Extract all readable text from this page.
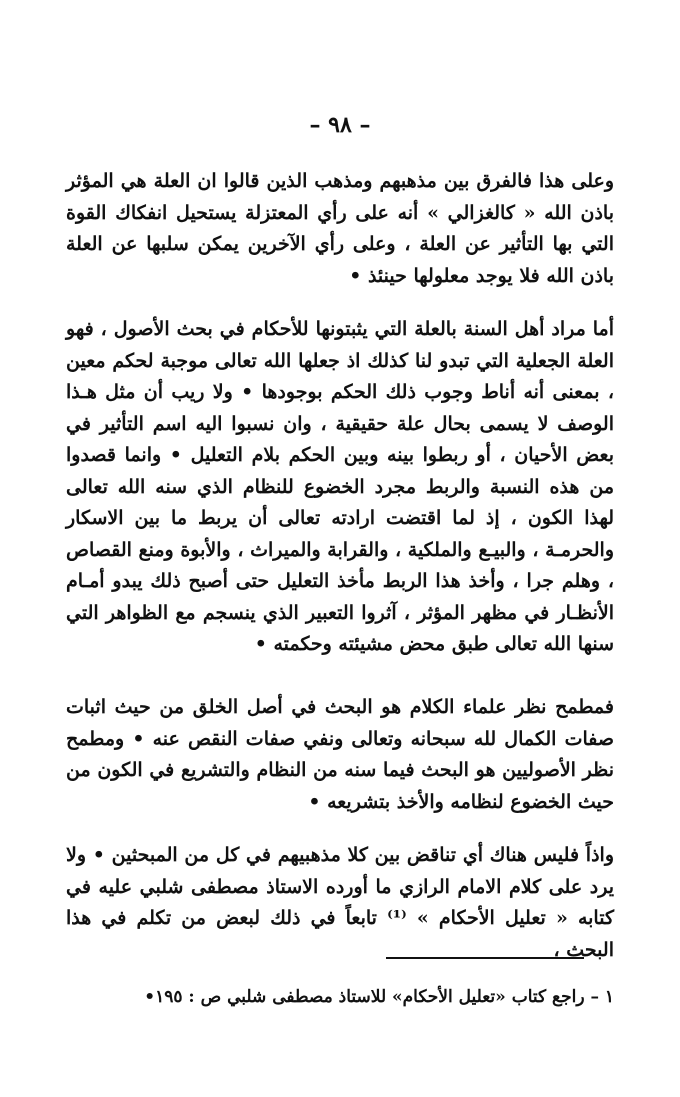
– ٩٨ –

وعلى هذا فالفرق بين مذهبهم ومذهب الذين قالوا ان العلة هي المؤثر باذن الله « كالغزالي » أنه على رأي المعتزلة يستحيل انفكاك القوة التي بها التأثير عن العلة ، وعلى رأي الآخرين يمكن سلبها عن العلة باذن الله فلا يوجد معلولها حينئذ •

أما مراد أهل السنة بالعلة التي يثبتونها للأحكام في بحث الأصول ، فهو العلة الجعلية التي تبدو لنا كذلك اذ جعلها الله تعالى موجبة لحكم معين ، بمعنى أنه أناط وجوب ذلك الحكم بوجودها • ولا ريب أن مثل هـذا الوصف لا يسمى بحال علة حقيقية ، وان نسبوا اليه اسم التأثير في بعض الأحيان ، أو ربطوا بينه وبين الحكم بلام التعليل • وانما قصدوا من هذه النسبة والربط مجرد الخضوع للنظام الذي سنه الله تعالى لهذا الكون ، إذ لما اقتضت ارادته تعالى أن يربط ما بين الاسكار والحرمـة ، والبيـع والملكية ، والقرابة والميراث ، والأبوة ومنع القصاص ، وهلم جرا ، وأخذ هذا الربط مأخذ التعليل حتى أصبح ذلك يبدو أمـام الأنظـار في مظهر المؤثر ، آثروا التعبير الذي ينسجم مع الظواهر التي سنها الله تعالى طبق محض مشيئته وحكمته •

فمطمح نظر علماء الكلام هو البحث في أصل الخلق من حيث اثبات صفات الكمال لله سبحانه وتعالى ونفي صفات النقص عنه • ومطمح نظر الأصوليين هو البحث فيما سنه من النظام والتشريع في الكون من حيث الخضوع لنظامه والأخذ بتشريعه •

واذاً فليس هناك أي تناقض بين كلا مذهبيهم في كل من المبحثين • ولا يرد على كلام الامام الرازي ما أورده الاستاذ مصطفى شلبي عليه في كتابه « تعليل الأحكام » ⁽¹⁾ تابعاً في ذلك لبعض من تكلم في هذا البحث ،

١ – راجع كتاب «تعليل الأحكام» للاستاذ مصطفى شلبي ص : ١٩٥•
